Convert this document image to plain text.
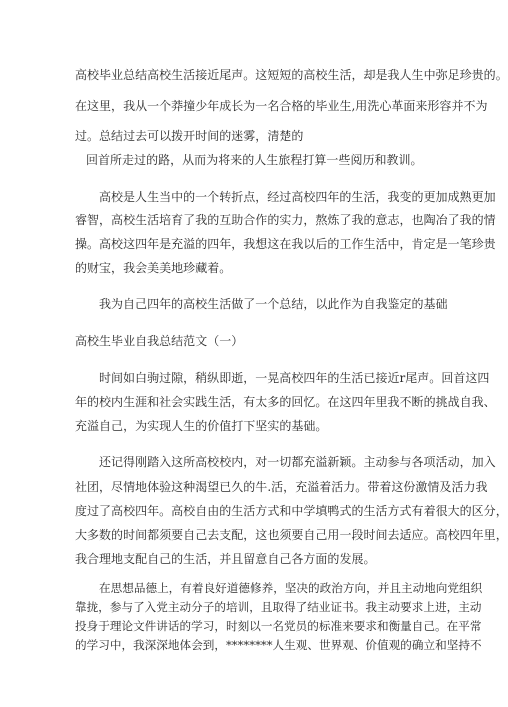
高校毕业总结高校生活接近尾声。这短短的高校生活，却是我人生中弥足珍贵的。
在这里，我从一个莽撞少年成长为一名合格的毕业生,用洗心革面来形容并不为
过。总结过去可以拨开时间的迷雾，清楚的
回首所走过的路，从而为将来的人生旅程打算一些阅历和教训。
高校是人生当中的一个转折点，经过高校四年的生活，我变的更加成熟更加
睿智，高校生活培育了我的互助合作的实力，熬炼了我的意志，也陶冶了我的情
操。高校这四年是充溢的四年，我想这在我以后的工作生活中，肯定是一笔珍贵
的财宝，我会美美地珍藏着。
我为自己四年的高校生活做了一个总结，以此作为自我鉴定的基础
高校生毕业自我总结范文（一）
时间如白驹过隙，稍纵即逝，一晃高校四年的生活已接近r尾声。回首这四
年的校内生涯和社会实践生活，有太多的回忆。在这四年里我不断的挑战自我、
充溢自己，为实现人生的价值打下坚实的基础。
还记得刚踏入这所高校校内，对一切都充溢新颖。主动参与各项活动，加入
社团，尽情地体验这种渴望已久的牛.活，充溢着活力。带着这份激情及活力我
度过了高校四年。高校自由的生活方式和中学填鸭式的生活方式有着很大的区分，
大多数的时间都须要自己去支配，这也须要自己用一段时间去适应。高校四年里，
我合理地支配自己的生活，并且留意自己各方面的发展。
在思想品德上，有着良好道德修养，坚决的政治方向，并且主动地向党组织
靠拢，参与了入党主动分子的培训，且取得了结业证书。我主动要求上进，主动
投身于理论文件讲话的学习，时刻以一名党员的标准来要求和衡量自己。在平常
的学习中，我深深地体会到，********人生观、世界观、价值观的确立和坚持不
